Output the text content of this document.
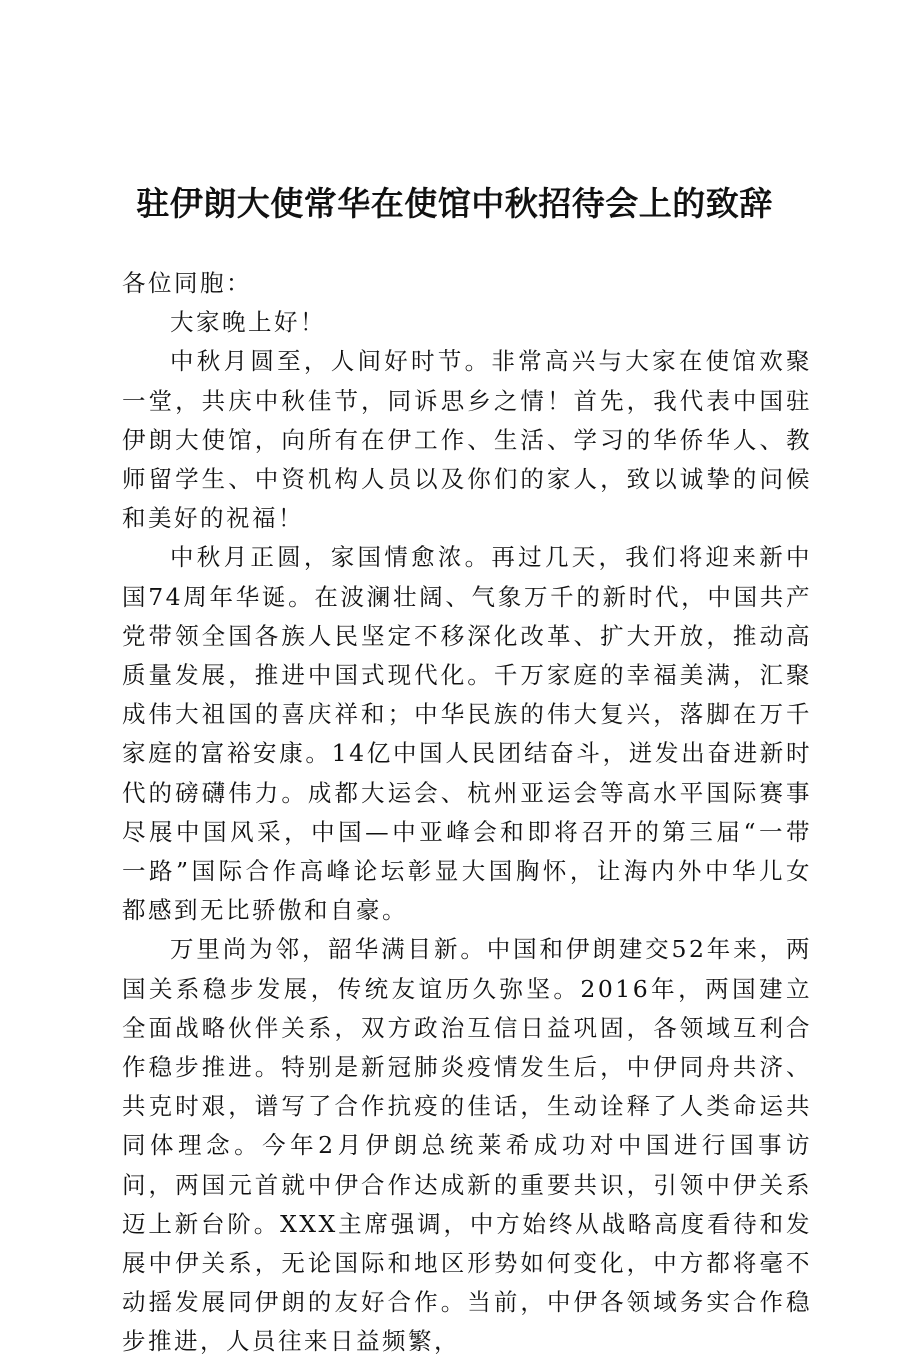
驻伊朗大使常华在使馆中秋招待会上的致辞

各位同胞：

大家晚上好！

中秋月圆至，人间好时节。非常高兴与大家在使馆欢聚一堂，共庆中秋佳节，同诉思乡之情！首先，我代表中国驻伊朗大使馆，向所有在伊工作、生活、学习的华侨华人、教师留学生、中资机构人员以及你们的家人，致以诚挚的问候和美好的祝福！

中秋月正圆，家国情愈浓。再过几天，我们将迎来新中国74周年华诞。在波澜壮阔、气象万千的新时代，中国共产党带领全国各族人民坚定不移深化改革、扩大开放，推动高质量发展，推进中国式现代化。千万家庭的幸福美满，汇聚成伟大祖国的喜庆祥和；中华民族的伟大复兴，落脚在万千家庭的富裕安康。14亿中国人民团结奋斗，迸发出奋进新时代的磅礴伟力。成都大运会、杭州亚运会等高水平国际赛事尽展中国风采，中国—中亚峰会和即将召开的第三届“一带一路”国际合作高峰论坛彰显大国胸怀，让海内外中华儿女都感到无比骄傲和自豪。

万里尚为邻，韶华满目新。中国和伊朗建交52年来，两国关系稳步发展，传统友谊历久弥坚。2016年，两国建立全面战略伙伴关系，双方政治互信日益巩固，各领域互利合作稳步推进。特别是新冠肺炎疫情发生后，中伊同舟共济、共克时艰，谱写了合作抗疫的佳话，生动诠释了人类命运共同体理念。今年2月伊朗总统莱希成功对中国进行国事访问，两国元首就中伊合作达成新的重要共识，引领中伊关系迈上新台阶。XXX主席强调，中方始终从战略高度看待和发展中伊关系，无论国际和地区形势如何变化，中方都将毫不动摇发展同伊朗的友好合作。当前，中伊各领域务实合作稳步推进，人员往来日益频繁，
